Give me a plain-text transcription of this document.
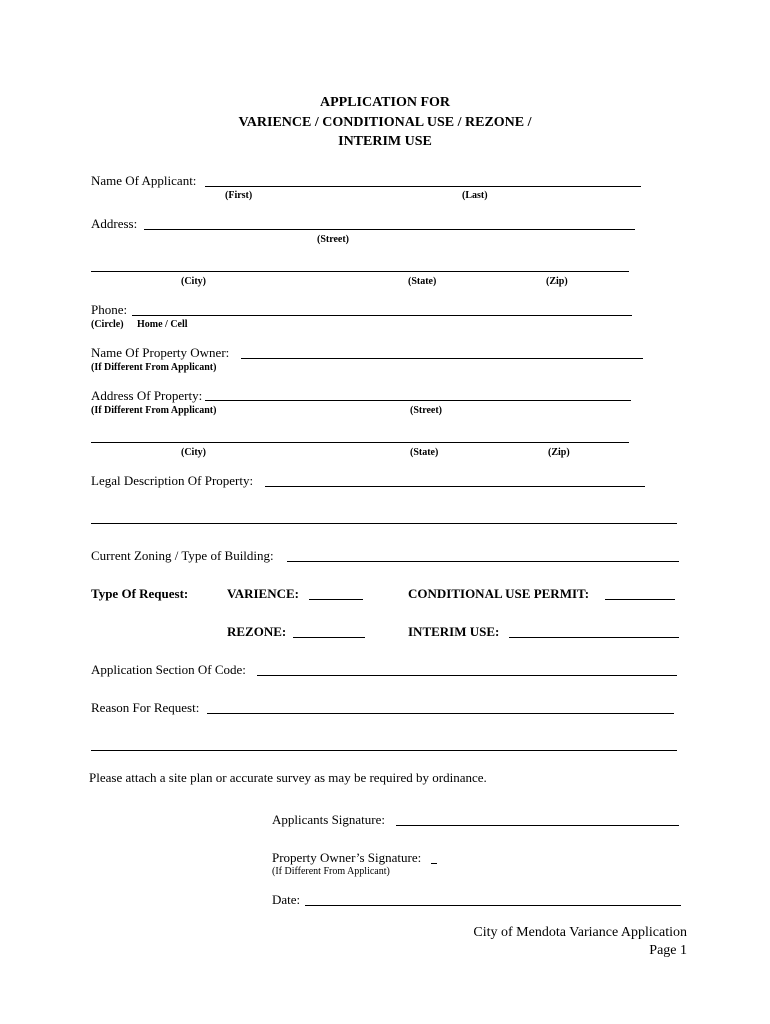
APPLICATION FOR
VARIENCE / CONDITIONAL USE / REZONE /
INTERIM USE
Name Of Applicant:
(First)	(Last)
Address:
(Street)
(City)	(State)	(Zip)
Phone:
(Circle) Home / Cell
Name Of Property Owner:
(If Different From Applicant)
Address Of Property:
(If Different From Applicant)	(Street)
(City)	(State)	(Zip)
Legal Description Of Property:
Current Zoning / Type of Building:
Type Of Request:	VARIENCE:	CONDITIONAL USE PERMIT:
REZONE:	INTERIM USE:
Application Section Of Code:
Reason For Request:
Please attach a site plan or accurate survey as may be required by ordinance.
Applicants Signature:
Property Owner’s Signature:
(If Different From Applicant)
Date:
City of Mendota Variance Application
Page 1
